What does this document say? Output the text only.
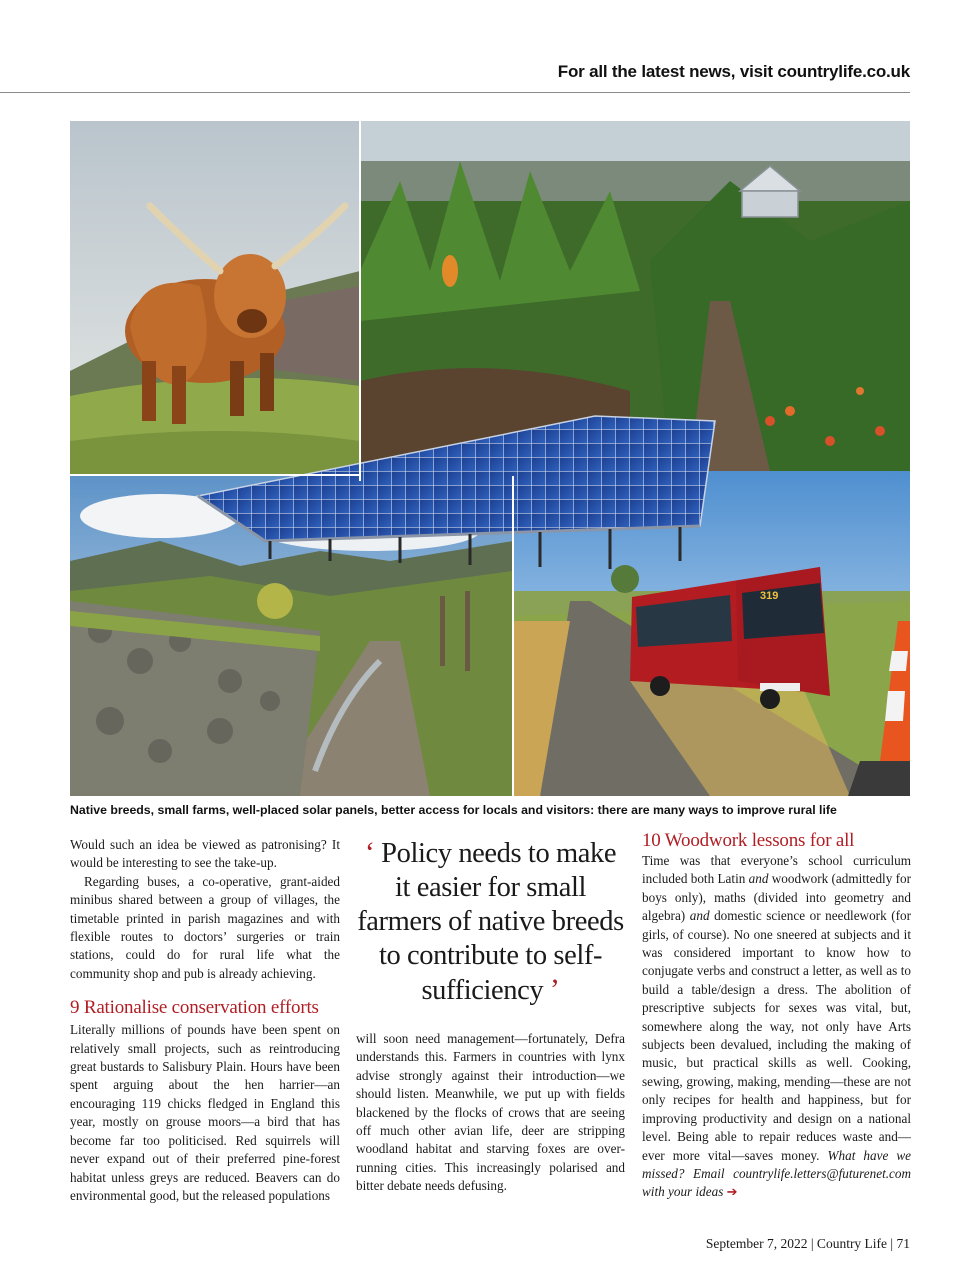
For all the latest news, visit countrylife.co.uk
319
Native breeds, small farms, well-placed solar panels, better access for locals and visitors: there are many ways to improve rural life

Would such an idea be viewed as patronising? It would be interesting to see the take-up.

Regarding buses, a co-operative, grant-aided minibus shared between a group of villages, the timetable printed in parish magazines and with flexible routes to doctors’ surgeries or train stations, could do for rural life what the community shop and pub is already achieving.

9 Rationalise conservation efforts

Literally millions of pounds have been spent on relatively small projects, such as reintroducing great bustards to Salisbury Plain. Hours have been spent arguing about the hen harrier—an encouraging 119 chicks fledged in England this year, mostly on grouse moors—a bird that has become far too politicised. Red squirrels will never expand out of their preferred pine-forest habitat unless greys are reduced. Beavers can do environmental good, but the released populations

‘ Policy needs to make it easier for small farmers of native breeds to contribute to self-sufficiency ’

will soon need management—fortunately, Defra understands this. Farmers in countries with lynx advise strongly against their introduction—we should listen. Meanwhile, we put up with fields blackened by the flocks of crows that are seeing off much other avian life, deer are stripping woodland habitat and starving foxes are over-running cities. This increasingly polarised and bitter debate needs defusing.

10 Woodwork lessons for all

Time was that everyone’s school curriculum included both Latin and woodwork (admittedly for boys only), maths (divided into geometry and algebra) and domestic science or needlework (for girls, of course). No one sneered at subjects and it was considered important to know how to conjugate verbs and construct a letter, as well as to build a table/design a dress. The abolition of prescriptive subjects for sexes was vital, but, somewhere along the way, not only have Arts subjects been devalued, including the making of music, but practical skills as well. Cooking, sewing, growing, making, mending—these are not only recipes for health and happiness, but for improving productivity and design on a national level. Being able to repair reduces waste and—ever more vital—saves money. What have we missed? Email countrylife.letters@futurenet.com with your ideas ➔

September 7, 2022 | Country Life | 71
